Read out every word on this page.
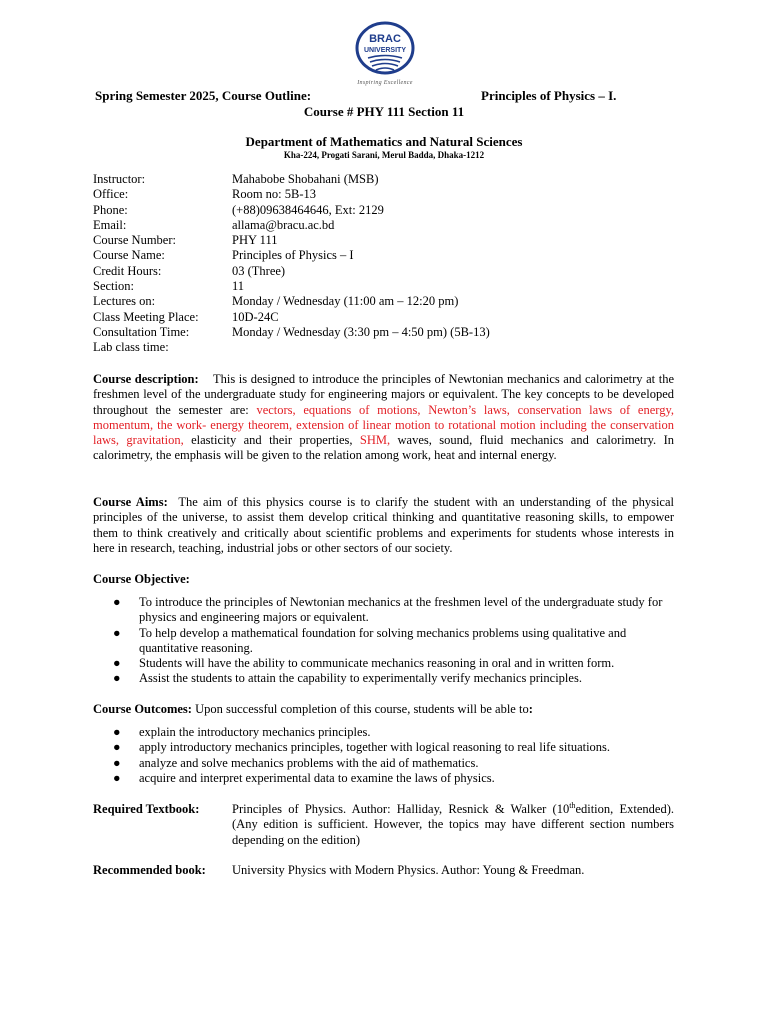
BRAC
UNIVERSITY
Inspiring Excellence
Spring Semester 2025, Course Outline:	Principles of Physics – I.
Course # PHY 111 Section 11
Department of Mathematics and Natural Sciences
Kha-224, Progati Sarani, Merul Badda, Dhaka-1212
Instructor:	Mahabobe Shobahani (MSB)
Office:	Room no: 5B-13
Phone:	(+88)09638464646, Ext: 2129
Email:	allama@bracu.ac.bd
Course Number:	PHY 111
Course Name:	Principles of Physics – I
Credit Hours:	03 (Three)
Section:	11
Lectures on:	Monday / Wednesday (11:00 am – 12:20 pm)
Class Meeting Place:	10D-24C
Consultation Time:	Monday / Wednesday (3:30 pm – 4:50 pm) (5B-13)
Lab class time:
Course description: This is designed to introduce the principles of Newtonian mechanics and calorimetry at the freshmen level of the undergraduate study for engineering majors or equivalent. The key concepts to be developed throughout the semester are: vectors, equations of motions, Newton’s laws, conservation laws of energy, momentum, the work- energy theorem, extension of linear motion to rotational motion including the conservation laws, gravitation, elasticity and their properties, SHM, waves, sound, fluid mechanics and calorimetry. In calorimetry, the emphasis will be given to the relation among work, heat and internal energy.
Course Aims: The aim of this physics course is to clarify the student with an understanding of the physical principles of the universe, to assist them develop critical thinking and quantitative reasoning skills, to empower them to think creatively and critically about scientific problems and experiments for students whose interests in here in research, teaching, industrial jobs or other sectors of our society.
Course Objective:
● To introduce the principles of Newtonian mechanics at the freshmen level of the undergraduate study for physics and engineering majors or equivalent.
● To help develop a mathematical foundation for solving mechanics problems using qualitative and quantitative reasoning.
● Students will have the ability to communicate mechanics reasoning in oral and in written form.
● Assist the students to attain the capability to experimentally verify mechanics principles.
Course Outcomes: Upon successful completion of this course, students will be able to:
● explain the introductory mechanics principles.
● apply introductory mechanics principles, together with logical reasoning to real life situations.
● analyze and solve mechanics problems with the aid of mathematics.
● acquire and interpret experimental data to examine the laws of physics.
Required Textbook:	Principles of Physics. Author: Halliday, Resnick & Walker (10thedition, Extended). (Any edition is sufficient. However, the topics may have different section numbers depending on the edition)
Recommended book: University Physics with Modern Physics. Author: Young & Freedman.
